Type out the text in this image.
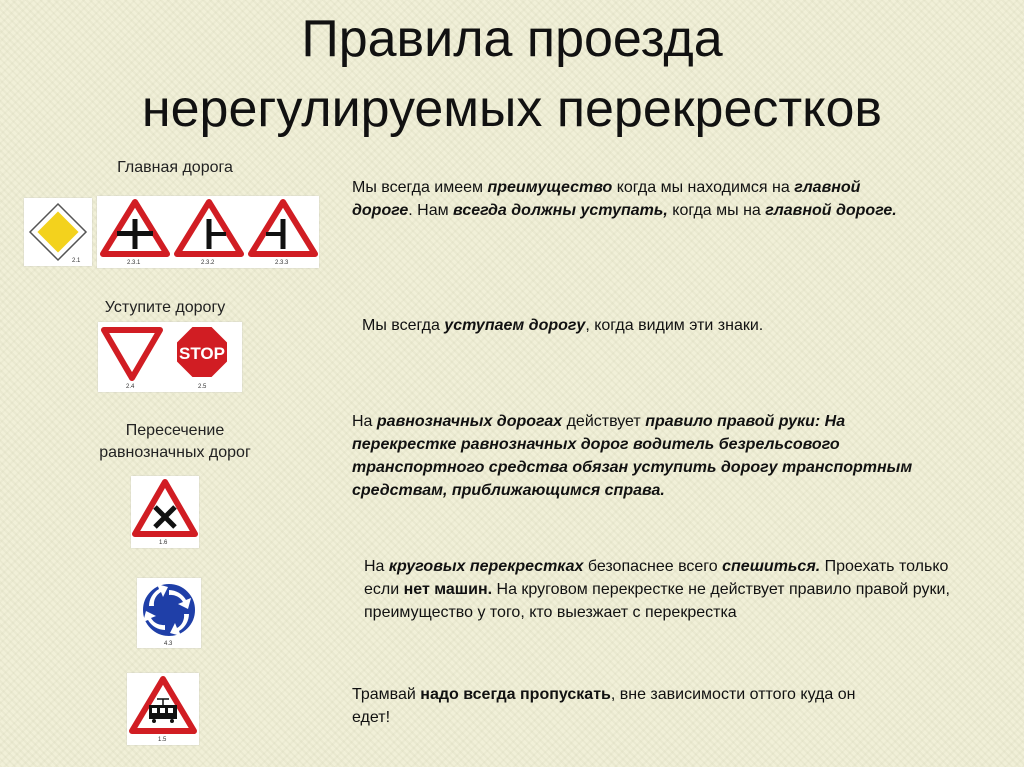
Правила проезда
нерегулируемых перекрестков
Главная дорога
2.1	2.3.1	2.3.2	2.3.3
Мы всегда имеем преимущество когда мы находимся на главной дороге. Нам всегда должны уступать, когда мы на главной дороге.
Уступите дорогу
2.4
STOP
2.5
Мы всегда уступаем дорогу, когда видим эти знаки.
Пересечение
равнозначных дорог
1.6
На равнозначных дорогах действует правило правой руки: На перекрестке равнозначных дорог водитель безрельсового транспортного средства обязан уступить дорогу транспортным средствам, приближающимся справа.
4.3
На круговых перекрестках безопаснее всего спешиться. Проехать только если нет машин. На круговом перекрестке не действует правило правой руки, преимущество у того, кто выезжает с перекрестка
1.5
Трамвай надо всегда пропускать, вне зависимости оттого куда он едет!
